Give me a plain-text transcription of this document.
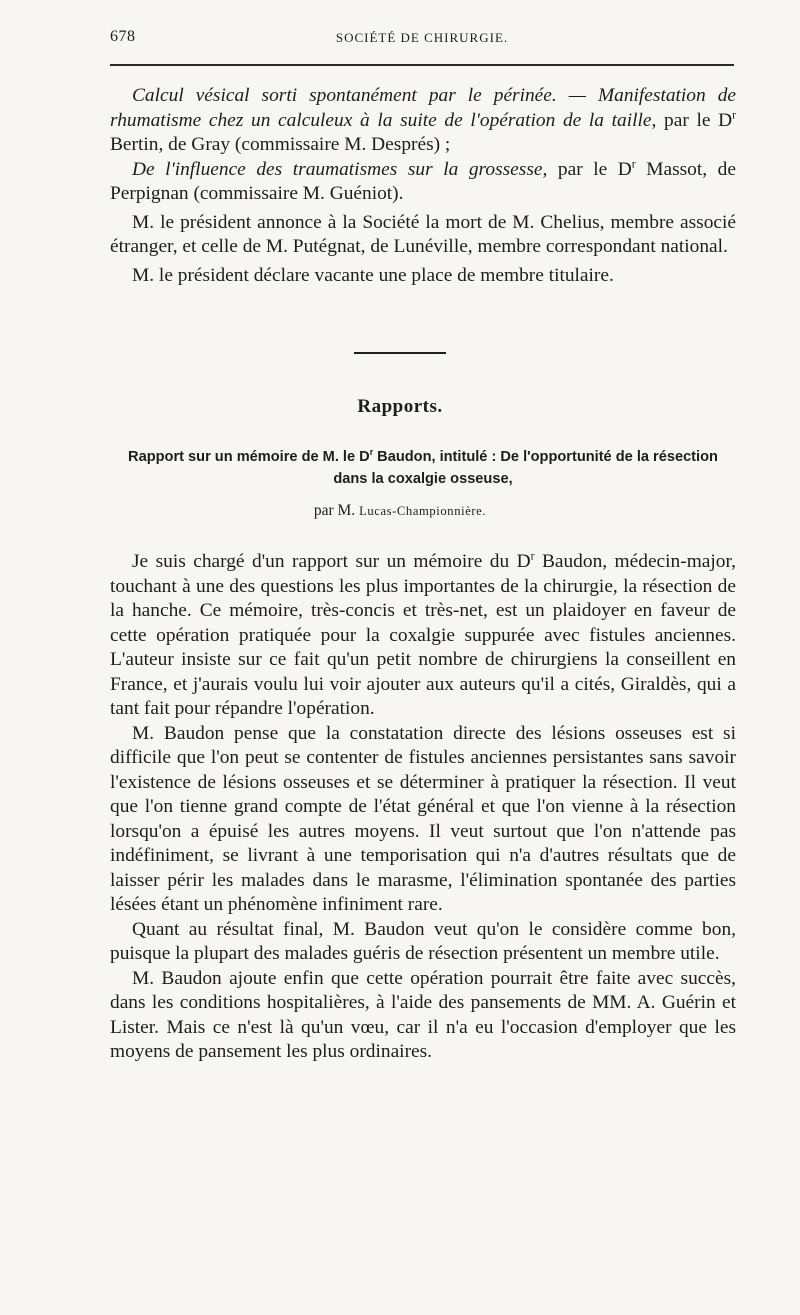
678	SOCIÉTÉ DE CHIRURGIE.

Calcul vésical sorti spontanément par le périnée. — Manifestation de rhumatisme chez un calculeux à la suite de l'opération de la taille, par le $D^r$ Bertin, de Gray (commissaire M. Després) ;

De l'influence des traumatismes sur la grossesse, par le $D^r$ Massot, de Perpignan (commissaire M. Guéniot).

M. le président annonce à la Société la mort de M. Chelius, membre associé étranger, et celle de M. Putégnat, de Lunéville, membre correspondant national.

M. le président déclare vacante une place de membre titulaire.

Rapports.
Rapport sur un mémoire de M. le $D^r$ Baudon, intitulé : De l'opportunité de la résection dans la coxalgie osseuse,
par M. Lucas-Championnière.

Je suis chargé d'un rapport sur un mémoire du $D^r$ Baudon, médecin-major, touchant à une des questions les plus importantes de la chirurgie, la résection de la hanche. Ce mémoire, très-concis et très-net, est un plaidoyer en faveur de cette opération pratiquée pour la coxalgie suppurée avec fistules anciennes. L'auteur insiste sur ce fait qu'un petit nombre de chirurgiens la conseillent en France, et j'aurais voulu lui voir ajouter aux auteurs qu'il a cités, Giraldès, qui a tant fait pour répandre l'opération.

M. Baudon pense que la constatation directe des lésions osseuses est si difficile que l'on peut se contenter de fistules anciennes persistantes sans savoir l'existence de lésions osseuses et se déterminer à pratiquer la résection. Il veut que l'on tienne grand compte de l'état général et que l'on vienne à la résection lorsqu'on a épuisé les autres moyens. Il veut surtout que l'on n'attende pas indéfiniment, se livrant à une temporisation qui n'a d'autres résultats que de laisser périr les malades dans le marasme, l'élimination spontanée des parties lésées étant un phénomène infiniment rare.

Quant au résultat final, M. Baudon veut qu'on le considère comme bon, puisque la plupart des malades guéris de résection présentent un membre utile.

M. Baudon ajoute enfin que cette opération pourrait être faite avec succès, dans les conditions hospitalières, à l'aide des pansements de MM. A. Guérin et Lister. Mais ce n'est là qu'un vœu, car il n'a eu l'occasion d'employer que les moyens de pansement les plus ordinaires.
